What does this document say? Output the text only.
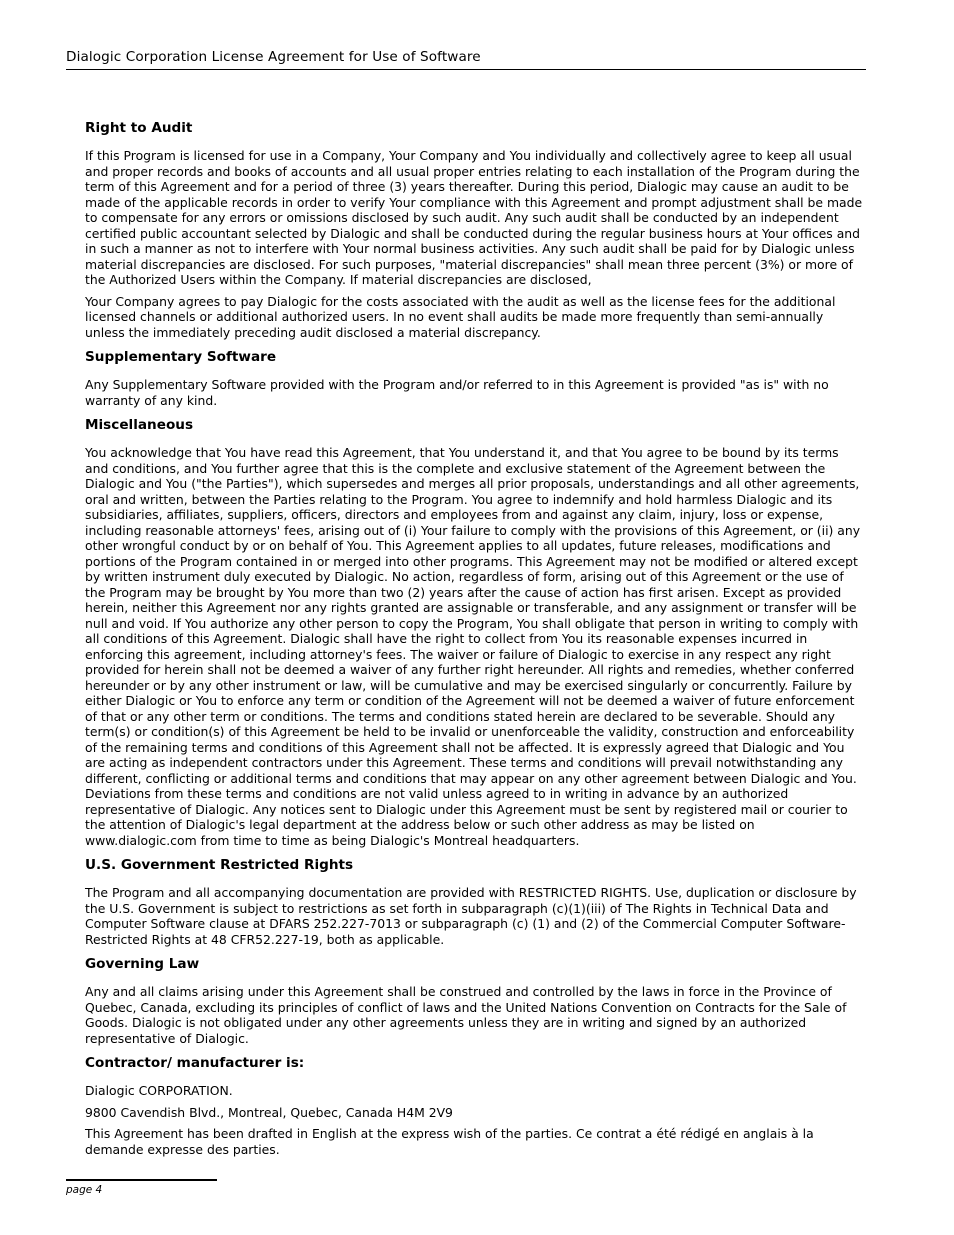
Dialogic Corporation License Agreement for Use of Software
Right to Audit

If this Program is licensed for use in a Company, Your Company and You individually and collectively agree to keep all usual and proper records and books of accounts and all usual proper entries relating to each installation of the Program during the term of this Agreement and for a period of three (3) years thereafter. During this period, Dialogic may cause an audit to be made of the applicable records in order to verify Your compliance with this Agreement and prompt adjustment shall be made to compensate for any errors or omissions disclosed by such audit. Any such audit shall be conducted by an independent certified public accountant selected by Dialogic and shall be conducted during the regular business hours at Your offices and in such a manner as not to interfere with Your normal business activities. Any such audit shall be paid for by Dialogic unless material discrepancies are disclosed. For such purposes, "material discrepancies" shall mean three percent (3%) or more of the Authorized Users within the Company. If material discrepancies are disclosed,

Your Company agrees to pay Dialogic for the costs associated with the audit as well as the license fees for the additional licensed channels or additional authorized users. In no event shall audits be made more frequently than semi-annually unless the immediately preceding audit disclosed a material discrepancy.

Supplementary Software

Any Supplementary Software provided with the Program and/or referred to in this Agreement is provided "as is" with no warranty of any kind.

Miscellaneous

You acknowledge that You have read this Agreement, that You understand it, and that You agree to be bound by its terms and conditions, and You further agree that this is the complete and exclusive statement of the Agreement between the Dialogic and You ("the Parties"), which supersedes and merges all prior proposals, understandings and all other agreements, oral and written, between the Parties relating to the Program. You agree to indemnify and hold harmless Dialogic and its subsidiaries, affiliates, suppliers, officers, directors and employees from and against any claim, injury, loss or expense, including reasonable attorneys' fees, arising out of (i) Your failure to comply with the provisions of this Agreement, or (ii) any other wrongful conduct by or on behalf of You. This Agreement applies to all updates, future releases, modifications and portions of the Program contained in or merged into other programs. This Agreement may not be modified or altered except by written instrument duly executed by Dialogic. No action, regardless of form, arising out of this Agreement or the use of the Program may be brought by You more than two (2) years after the cause of action has first arisen. Except as provided herein, neither this Agreement nor any rights granted are assignable or transferable, and any assignment or transfer will be null and void. If You authorize any other person to copy the Program, You shall obligate that person in writing to comply with all conditions of this Agreement. Dialogic shall have the right to collect from You its reasonable expenses incurred in enforcing this agreement, including attorney's fees. The waiver or failure of Dialogic to exercise in any respect any right provided for herein shall not be deemed a waiver of any further right hereunder. All rights and remedies, whether conferred hereunder or by any other instrument or law, will be cumulative and may be exercised singularly or concurrently. Failure by either Dialogic or You to enforce any term or condition of the Agreement will not be deemed a waiver of future enforcement of that or any other term or conditions. The terms and conditions stated herein are declared to be severable. Should any term(s) or condition(s) of this Agreement be held to be invalid or unenforceable the validity, construction and enforceability of the remaining terms and conditions of this Agreement shall not be affected. It is expressly agreed that Dialogic and You are acting as independent contractors under this Agreement. These terms and conditions will prevail notwithstanding any different, conflicting or additional terms and conditions that may appear on any other agreement between Dialogic and You. Deviations from these terms and conditions are not valid unless agreed to in writing in advance by an authorized representative of Dialogic. Any notices sent to Dialogic under this Agreement must be sent by registered mail or courier to the attention of Dialogic's legal department at the address below or such other address as may be listed on www.dialogic.com from time to time as being Dialogic's Montreal headquarters.

U.S. Government Restricted Rights

The Program and all accompanying documentation are provided with RESTRICTED RIGHTS. Use, duplication or disclosure by the U.S. Government is subject to restrictions as set forth in subparagraph (c)(1)(iii) of The Rights in Technical Data and Computer Software clause at DFARS 252.227-7013 or subparagraph (c) (1) and (2) of the Commercial Computer Software-Restricted Rights at 48 CFR52.227-19, both as applicable.

Governing Law

Any and all claims arising under this Agreement shall be construed and controlled by the laws in force in the Province of Quebec, Canada, excluding its principles of conflict of laws and the United Nations Convention on Contracts for the Sale of Goods. Dialogic is not obligated under any other agreements unless they are in writing and signed by an authorized representative of Dialogic.

Contractor/ manufacturer is:

Dialogic CORPORATION.

9800 Cavendish Blvd., Montreal, Quebec, Canada H4M 2V9

This Agreement has been drafted in English at the express wish of the parties. Ce contrat a été rédigé en anglais à la demande expresse des parties.

page 4
